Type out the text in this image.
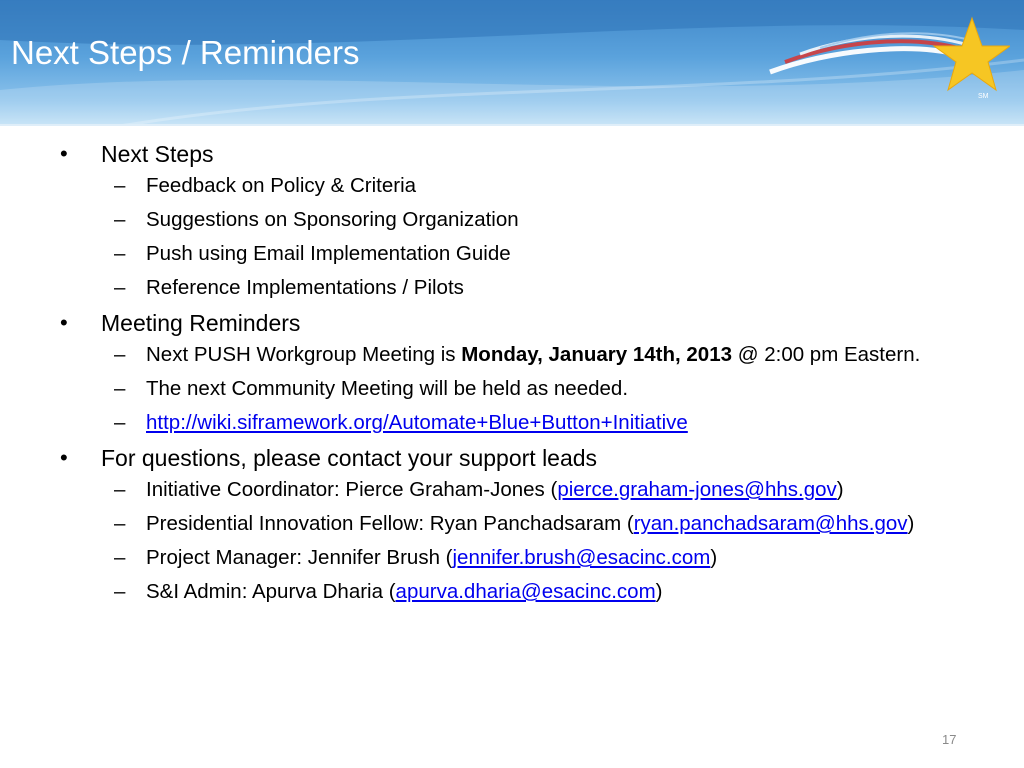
Next Steps / Reminders
SM
• Next Steps
– Feedback on Policy & Criteria
– Suggestions on Sponsoring Organization
– Push using Email Implementation Guide
– Reference Implementations / Pilots
• Meeting Reminders
– Next PUSH Workgroup Meeting is Monday, January 14th, 2013 @ 2:00 pm Eastern.
– The next Community Meeting will be held as needed.
– http://wiki.siframework.org/Automate+Blue+Button+Initiative
• For questions, please contact your support leads
– Initiative Coordinator: Pierce Graham-Jones (pierce.graham-jones@hhs.gov)
– Presidential Innovation Fellow: Ryan Panchadsaram (ryan.panchadsaram@hhs.gov)
– Project Manager: Jennifer Brush (jennifer.brush@esacinc.com)
– S&I Admin: Apurva Dharia (apurva.dharia@esacinc.com)
17
